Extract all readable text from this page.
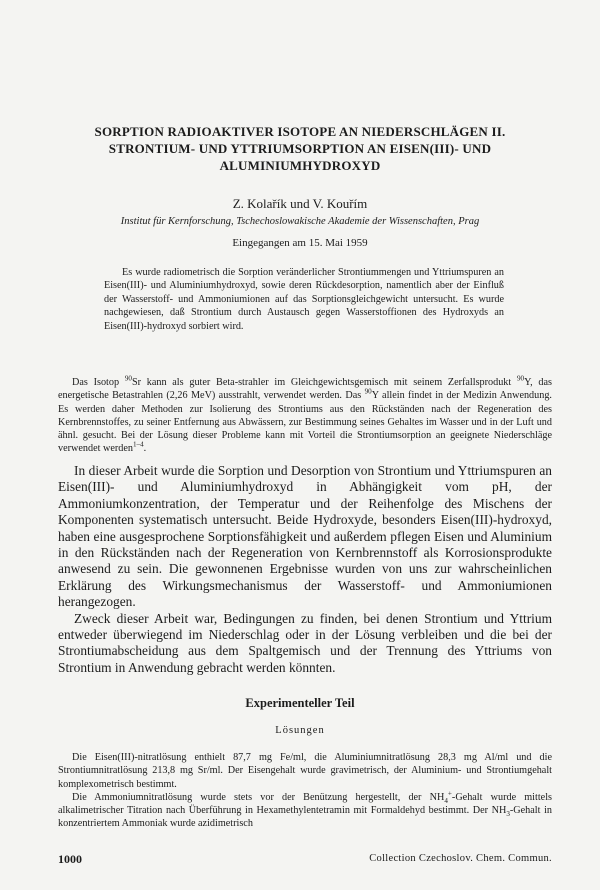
SORPTION RADIOAKTIVER ISOTOPE AN NIEDERSCHLÄGEN II.
STRONTIUM- UND YTTRIUMSORPTION AN EISEN(III)- UND
ALUMINIUMHYDROXYD
Z. Kolařík und V. Kouřím
Institut für Kernforschung, Tschechoslowakische Akademie der Wissenschaften, Prag
Eingegangen am 15. Mai 1959

Es wurde radiometrisch die Sorption veränderlicher Strontiummengen und Yttriumspuren an Eisen(III)- und Aluminiumhydroxyd, sowie deren Rückdesorption, namentlich aber der Einfluß der Wasserstoff- und Ammoniumionen auf das Sorptionsgleichgewicht untersucht. Es wurde nachgewiesen, daß Strontium durch Austausch gegen Wasserstoffionen des Hydroxyds an Eisen(III)-hydroxyd sorbiert wird.

Das Isotop $^{90}$Sr kann als guter Beta-strahler im Gleichgewichtsgemisch mit seinem Zerfallsprodukt $^{90}$Y, das energetische Betastrahlen (2,26 MeV) ausstrahlt, verwendet werden. Das $^{90}$Y allein findet in der Medizin Anwendung. Es werden daher Methoden zur Isolierung des Strontiums aus den Rückständen nach der Regeneration des Kernbrennstoffes, zu seiner Entfernung aus Abwässern, zur Bestimmung seines Gehaltes im Wasser und in der Luft und ähnl. gesucht. Bei der Lösung dieser Probleme kann mit Vorteil die Strontiumsorption an geeignete Niederschläge verwendet werden$^{1-4}$.

In dieser Arbeit wurde die Sorption und Desorption von Strontium und Yttriumspuren an Eisen(III)- und Aluminiumhydroxyd in Abhängigkeit vom pH, der Ammoniumkonzentration, der Temperatur und der Reihenfolge des Mischens der Komponenten systematisch untersucht. Beide Hydroxyde, besonders Eisen(III)-hydroxyd, haben eine ausgesprochene Sorptionsfähigkeit und außerdem pflegen Eisen und Aluminium in den Rückständen nach der Regeneration von Kernbrennstoff als Korrosionsprodukte anwesend zu sein. Die gewonnenen Ergebnisse wurden von uns zur wahrscheinlichen Erklärung des Wirkungsmechanismus der Wasserstoff- und Ammoniumionen herangezogen.

Zweck dieser Arbeit war, Bedingungen zu finden, bei denen Strontium und Yttrium entweder überwiegend im Niederschlag oder in der Lösung verbleiben und die bei der Strontiumabscheidung aus dem Spaltgemisch und der Trennung des Yttriums von Strontium in Anwendung gebracht werden könnten.

Experimenteller Teil
Lösungen

Die Eisen(III)-nitratlösung enthielt 87,7 mg Fe/ml, die Aluminiumnitratlösung 28,3 mg Al/ml und die Strontiumnitratlösung 213,8 mg Sr/ml. Der Eisengehalt wurde gravimetrisch, der Aluminium- und Strontiumgehalt komplexometrisch bestimmt.

Die Ammoniumnitratlösung wurde stets vor der Benützung hergestellt, der $NH_4^+$-Gehalt wurde mittels alkalimetrischer Titration nach Überführung in Hexamethylentetramin mit Formaldehyd bestimmt. Der $NH_3$-Gehalt in konzentriertem Ammoniak wurde azidimetrisch

1000	Collection Czechoslov. Chem. Commun.
